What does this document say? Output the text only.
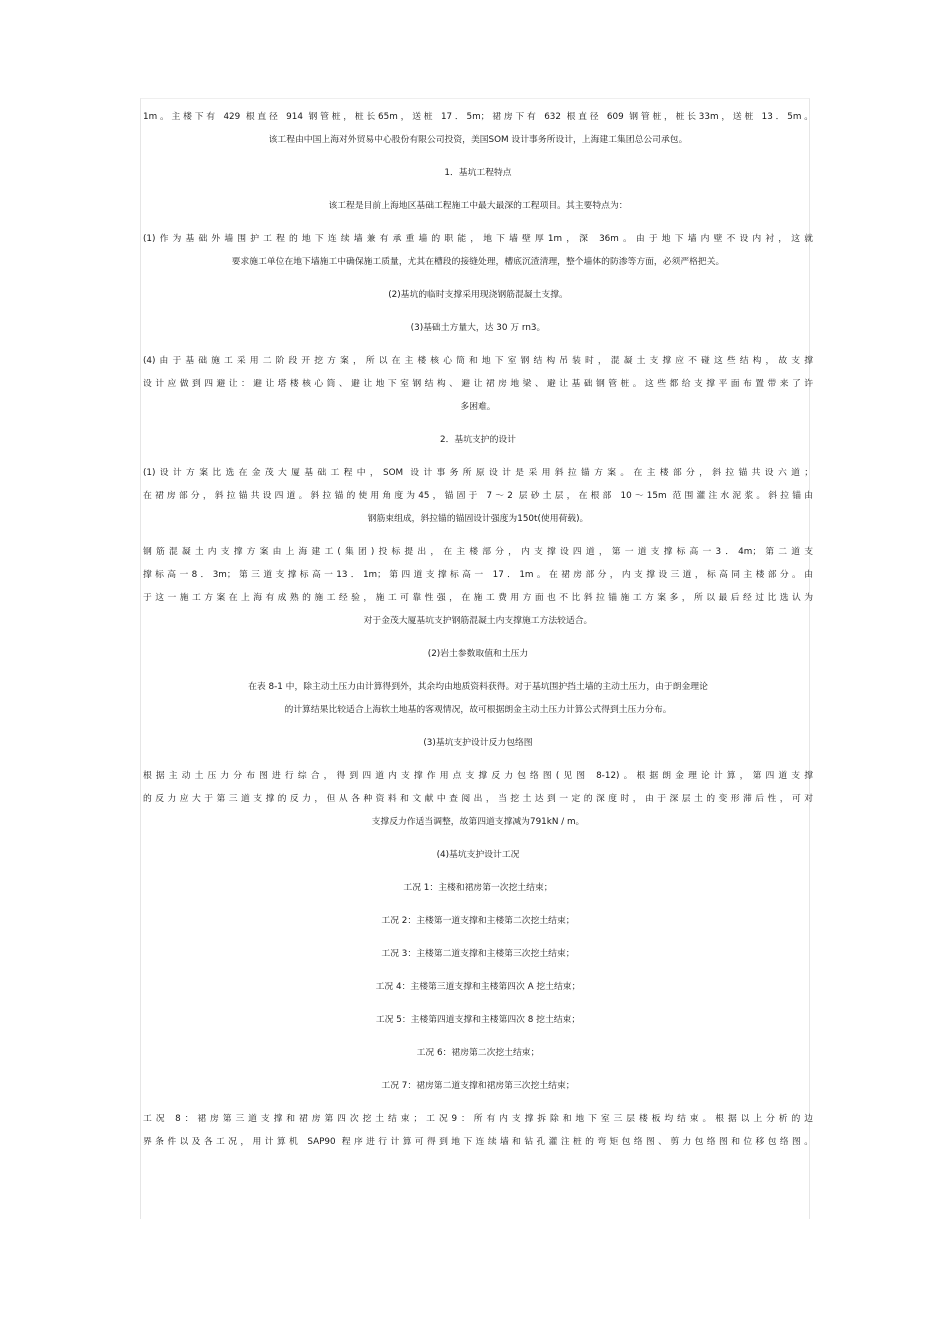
1m。主楼下有 429 根直径 914 钢管桩，桩长65m，送桩 17．5m；裙房下有 632 根直径 609 钢管桩，桩长33m，送桩 13．5m。

该工程由中国上海对外贸易中心股份有限公司投资，美国SOM 设计事务所设计，上海建工集团总公司承包。

1．基坑工程特点

该工程是目前上海地区基础工程施工中最大最深的工程项目。其主要特点为：

(1)作为基础外墙围护工程的地下连续墙兼有承重墙的职能，地下墙壁厚1m，深 36m。由于地下墙内壁不设内衬，这就

要求施工单位在地下墙施工中确保施工质量，尤其在槽段的接缝处理，槽底沉渣清理，整个墙体的防渗等方面，必须严格把关。

(2)基坑的临时支撑采用现浇钢筋混凝土支撑。

(3)基础土方量大，达 30 万 rn3。

(4)由于基础施工采用二阶段开挖方案，所以在主楼核心筒和地下室钢结构吊装时，混凝土支撑应不碰这些结构，故支撑

设计应做到四避让：避让塔楼核心筒、避让地下室钢结构、避让裙房地梁、避让基础钢管桩。这些都给支撑平面布置带来了许

多困难。

2．基坑支护的设计

(1)设计方案比选在金茂大厦基础工程中，SOM 设计事务所原设计是采用斜拉锚方案。在主楼部分，斜拉锚共设六道；

在裙房部分，斜拉锚共设四道。斜拉锚的使用角度为45，锚固于 7～2 层砂土层，在根部 10～15m 范围灌注水泥浆。斜拉锚由

钢筋束组成，斜拉锚的锚固设计强度为150t(使用荷载)。

钢筋混凝土内支撑方案由上海建工(集团)投标提出，在主楼部分，内支撑设四道，第一道支撑标高一3．4m；第二道支

撑标高一8．3m；第三道支撑标高一13．1m；第四道支撑标高一 17．1m。在裙房部分，内支撑设三道，标高同主楼部分。由

于这一施工方案在上海有成熟的施工经验，施工可靠性强，在施工费用方面也不比斜拉锚施工方案多，所以最后经过比选认为

对于金茂大厦基坑支护钢筋混凝土内支撑施工方法较适合。

(2)岩土参数取值和土压力

在表 8-1 中，除主动土压力由计算得到外，其余均由地质资料获得。对于基坑围护挡土墙的主动土压力，由于朗金理论

的计算结果比较适合上海软土地基的客观情况，故可根据朗金主动土压力计算公式得到土压力分布。

(3)基坑支护设计反力包络图

根据主动土压力分布图进行综合，得到四道内支撑作用点支撑反力包络图(见图 8-12)。根据朗金理论计算，第四道支撑

的反力应大于第三道支撑的反力，但从各种资料和文献中查阅出，当挖土达到一定的深度时，由于深层土的变形滞后性，可对

支撑反力作适当调整，故第四道支撑减为791kN / m。

(4)基坑支护设计工况

工况 1：主楼和裙房第一次挖土结束；

工况 2：主楼第一道支撑和主楼第二次挖土结束；

工况 3：主楼第二道支撑和主楼第三次挖土结束；

工况 4：主楼第三道支撑和主楼第四次 A 挖土结束；

工况 5：主楼第四道支撑和主楼第四次 8 挖土结束；

工况 6：裙房第二次挖土结束；

工况 7：裙房第二道支撑和裙房第三次挖土结束；

工况 8：裙房第三道支撑和裙房第四次挖土结束；工况9：所有内支撑拆除和地下室三层楼板均结束。根据以上分析的边

界条件以及各工况，用计算机 SAP90 程序进行计算可得到地下连续墙和钻孔灌注桩的弯矩包络图、剪力包络图和位移包络图。
